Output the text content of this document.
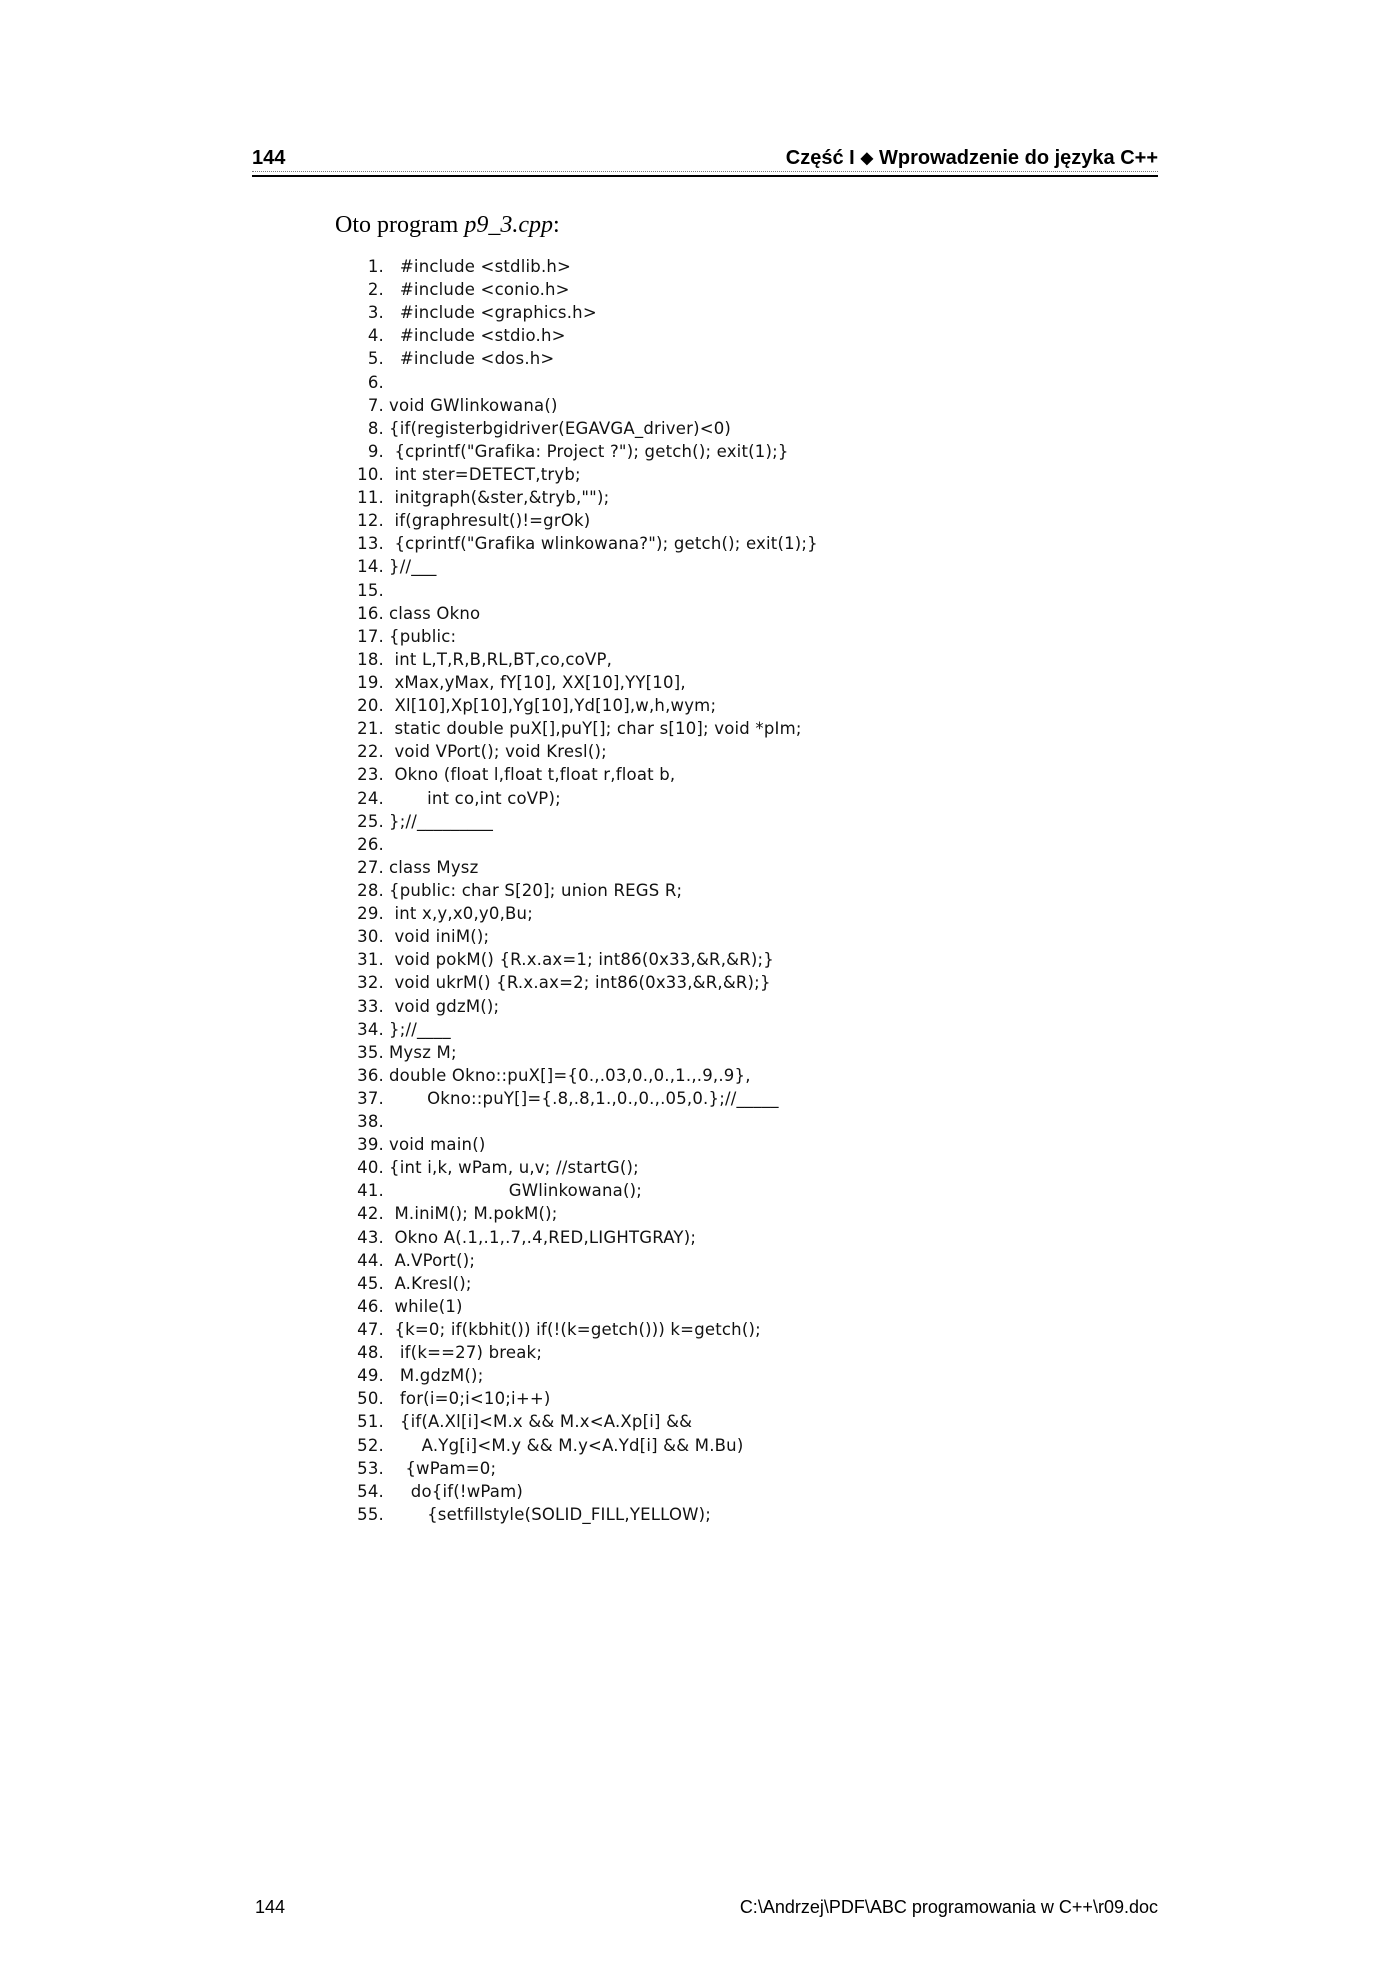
144	Część I ◆ Wprowadzenie do języka C++
Oto program p9_3.cpp:
1.  #include <stdlib.h>
2.  #include <conio.h>
3.  #include <graphics.h>
4.  #include <stdio.h>
5.  #include <dos.h>
6.
7. void GWlinkowana()
8. {if(registerbgidriver(EGAVGA_driver)<0)
9. {cprintf("Grafika: Project ?"); getch(); exit(1);}
10. int ster=DETECT,tryb;
11. initgraph(&ster,&tryb,"");
12. if(graphresult()!=grOk)
13. {cprintf("Grafika wlinkowana?"); getch(); exit(1);}
14. }//___
15.
16. class Okno
17. {public:
18. int L,T,R,B,RL,BT,co,coVP,
19. xMax,yMax, fY[10], XX[10],YY[10],
20. Xl[10],Xp[10],Yg[10],Yd[10],w,h,wym;
21. static double puX[],puY[]; char s[10]; void *pIm;
22. void VPort(); void Kresl();
23. Okno (float l,float t,float r,float b,
24.       int co,int coVP);
25. };//_________
26.
27. class Mysz
28. {public: char S[20]; union REGS R;
29. int x,y,x0,y0,Bu;
30. void iniM();
31. void pokM() {R.x.ax=1; int86(0x33,&R,&R);}
32. void ukrM() {R.x.ax=2; int86(0x33,&R,&R);}
33. void gdzM();
34. };//____
35. Mysz M;
36. double Okno::puX[]={0.,.03,0.,0.,1.,.9,.9},
37.       Okno::puY[]={.8,.8,1.,0.,0.,.05,0.};//_____
38.
39. void main()
40. {int i,k, wPam, u,v; //startG();
41.                      GWlinkowana();
42. M.iniM(); M.pokM();
43. Okno A(.1,.1,.7,.4,RED,LIGHTGRAY);
44. A.VPort();
45. A.Kresl();
46. while(1)
47. {k=0; if(kbhit()) if(!(k=getch())) k=getch();
48.  if(k==27) break;
49.  M.gdzM();
50.  for(i=0;i<10;i++)
51.  {if(A.Xl[i]<M.x && M.x<A.Xp[i] &&
52.      A.Yg[i]<M.y && M.y<A.Yd[i] && M.Bu)
53.   {wPam=0;
54.    do{if(!wPam)
55.       {setfillstyle(SOLID_FILL,YELLOW);
144	C:\Andrzej\PDF\ABC programowania w C++\r09.doc
